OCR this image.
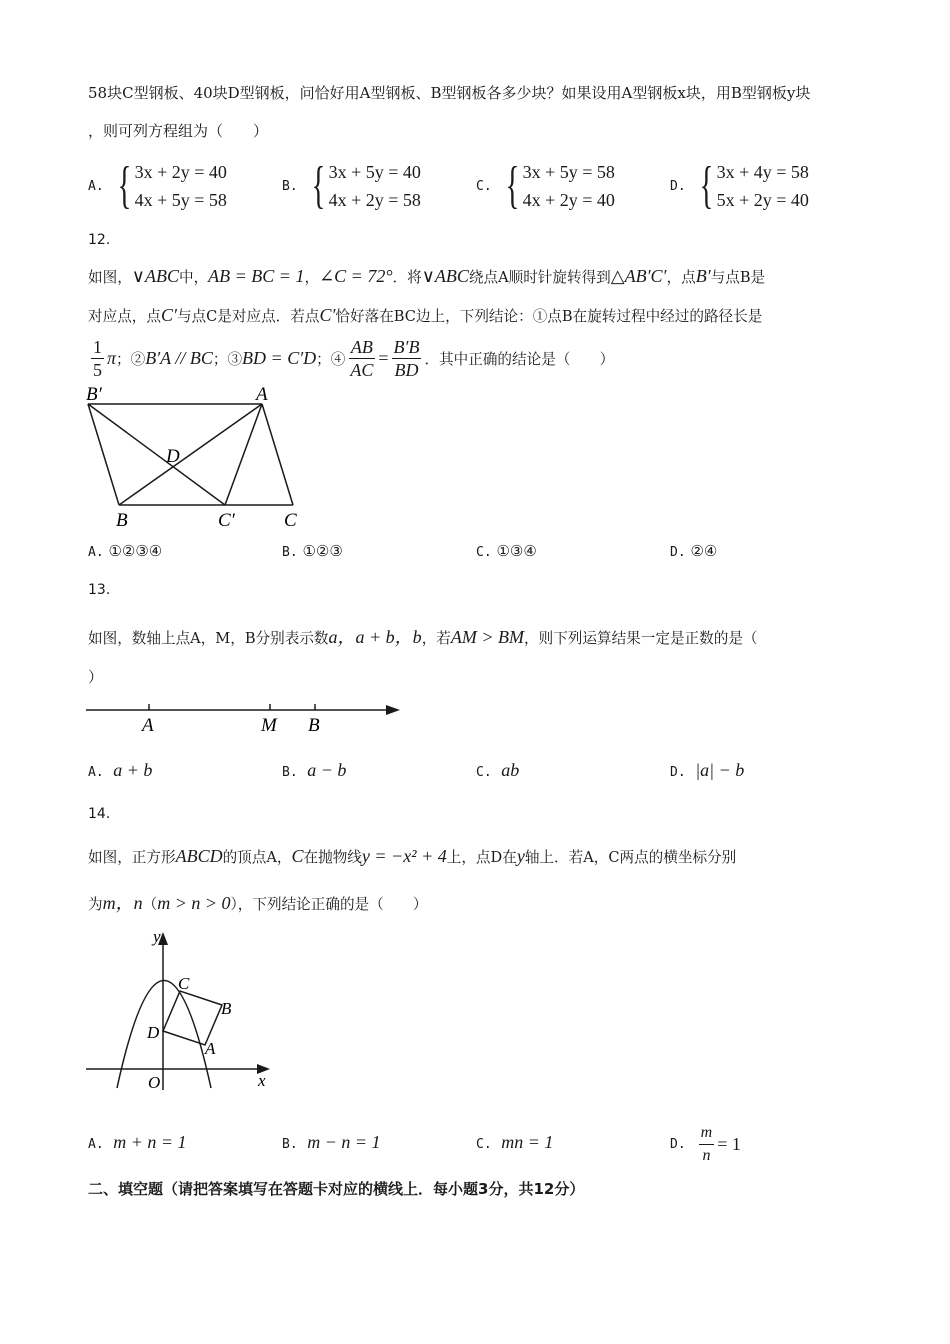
58块C型钢板、40块D型钢板，问恰好用A型钢板、B型钢板各多少块？如果设用A型钢板x块，用B型钢板y块
，则可列方程组为（　　）
A. { 3x + 2y = 40
4x + 5y = 58
B. { 3x + 5y = 40
4x + 2y = 58
C. { 3x + 5y = 58
4x + 2y = 40
D. { 3x + 4y = 58
5x + 2y = 40
12.
如图，∨ABC中，AB = BC = 1，∠C = 72°．将∨ABC绕点A顺时针旋转得到△AB′C′，点B′与点B是
对应点，点C′与点C是对应点．若点C′恰好落在BC边上，下列结论：①点B在旋转过程中经过的路径长是
$\frac{1}{5}$ π ；② B′A // BC ；③ BD = C′D ；④ $\frac{AB}{AC} = \frac{B'B}{BD}$ ．其中正确的结论是（　　）
B′	A
D
B	C′	C
A. ①②③④	B. ①②③	C. ①③④	D. ②④
13.
如图，数轴上点A，M，B分别表示数a，a + b，b，若AM > BM，则下列运算结果一定是正数的是（
）
A	M B
A. a + b	B. a − b	C. ab	D. |a| − b
14.
如图，正方形ABCD的顶点A，C在抛物线y = −x² + 4上，点D在y轴上．若A，C两点的横坐标分别
为m，n（m > n > 0），下列结论正确的是（　　）
y
x
O
C
B
D
A
A. m + n = 1	B. m − n = 1	C. mn = 1	D. $\frac{m}{n} = 1$
二、填空题（请把答案填写在答题卡对应的横线上．每小题3分，共12分）
